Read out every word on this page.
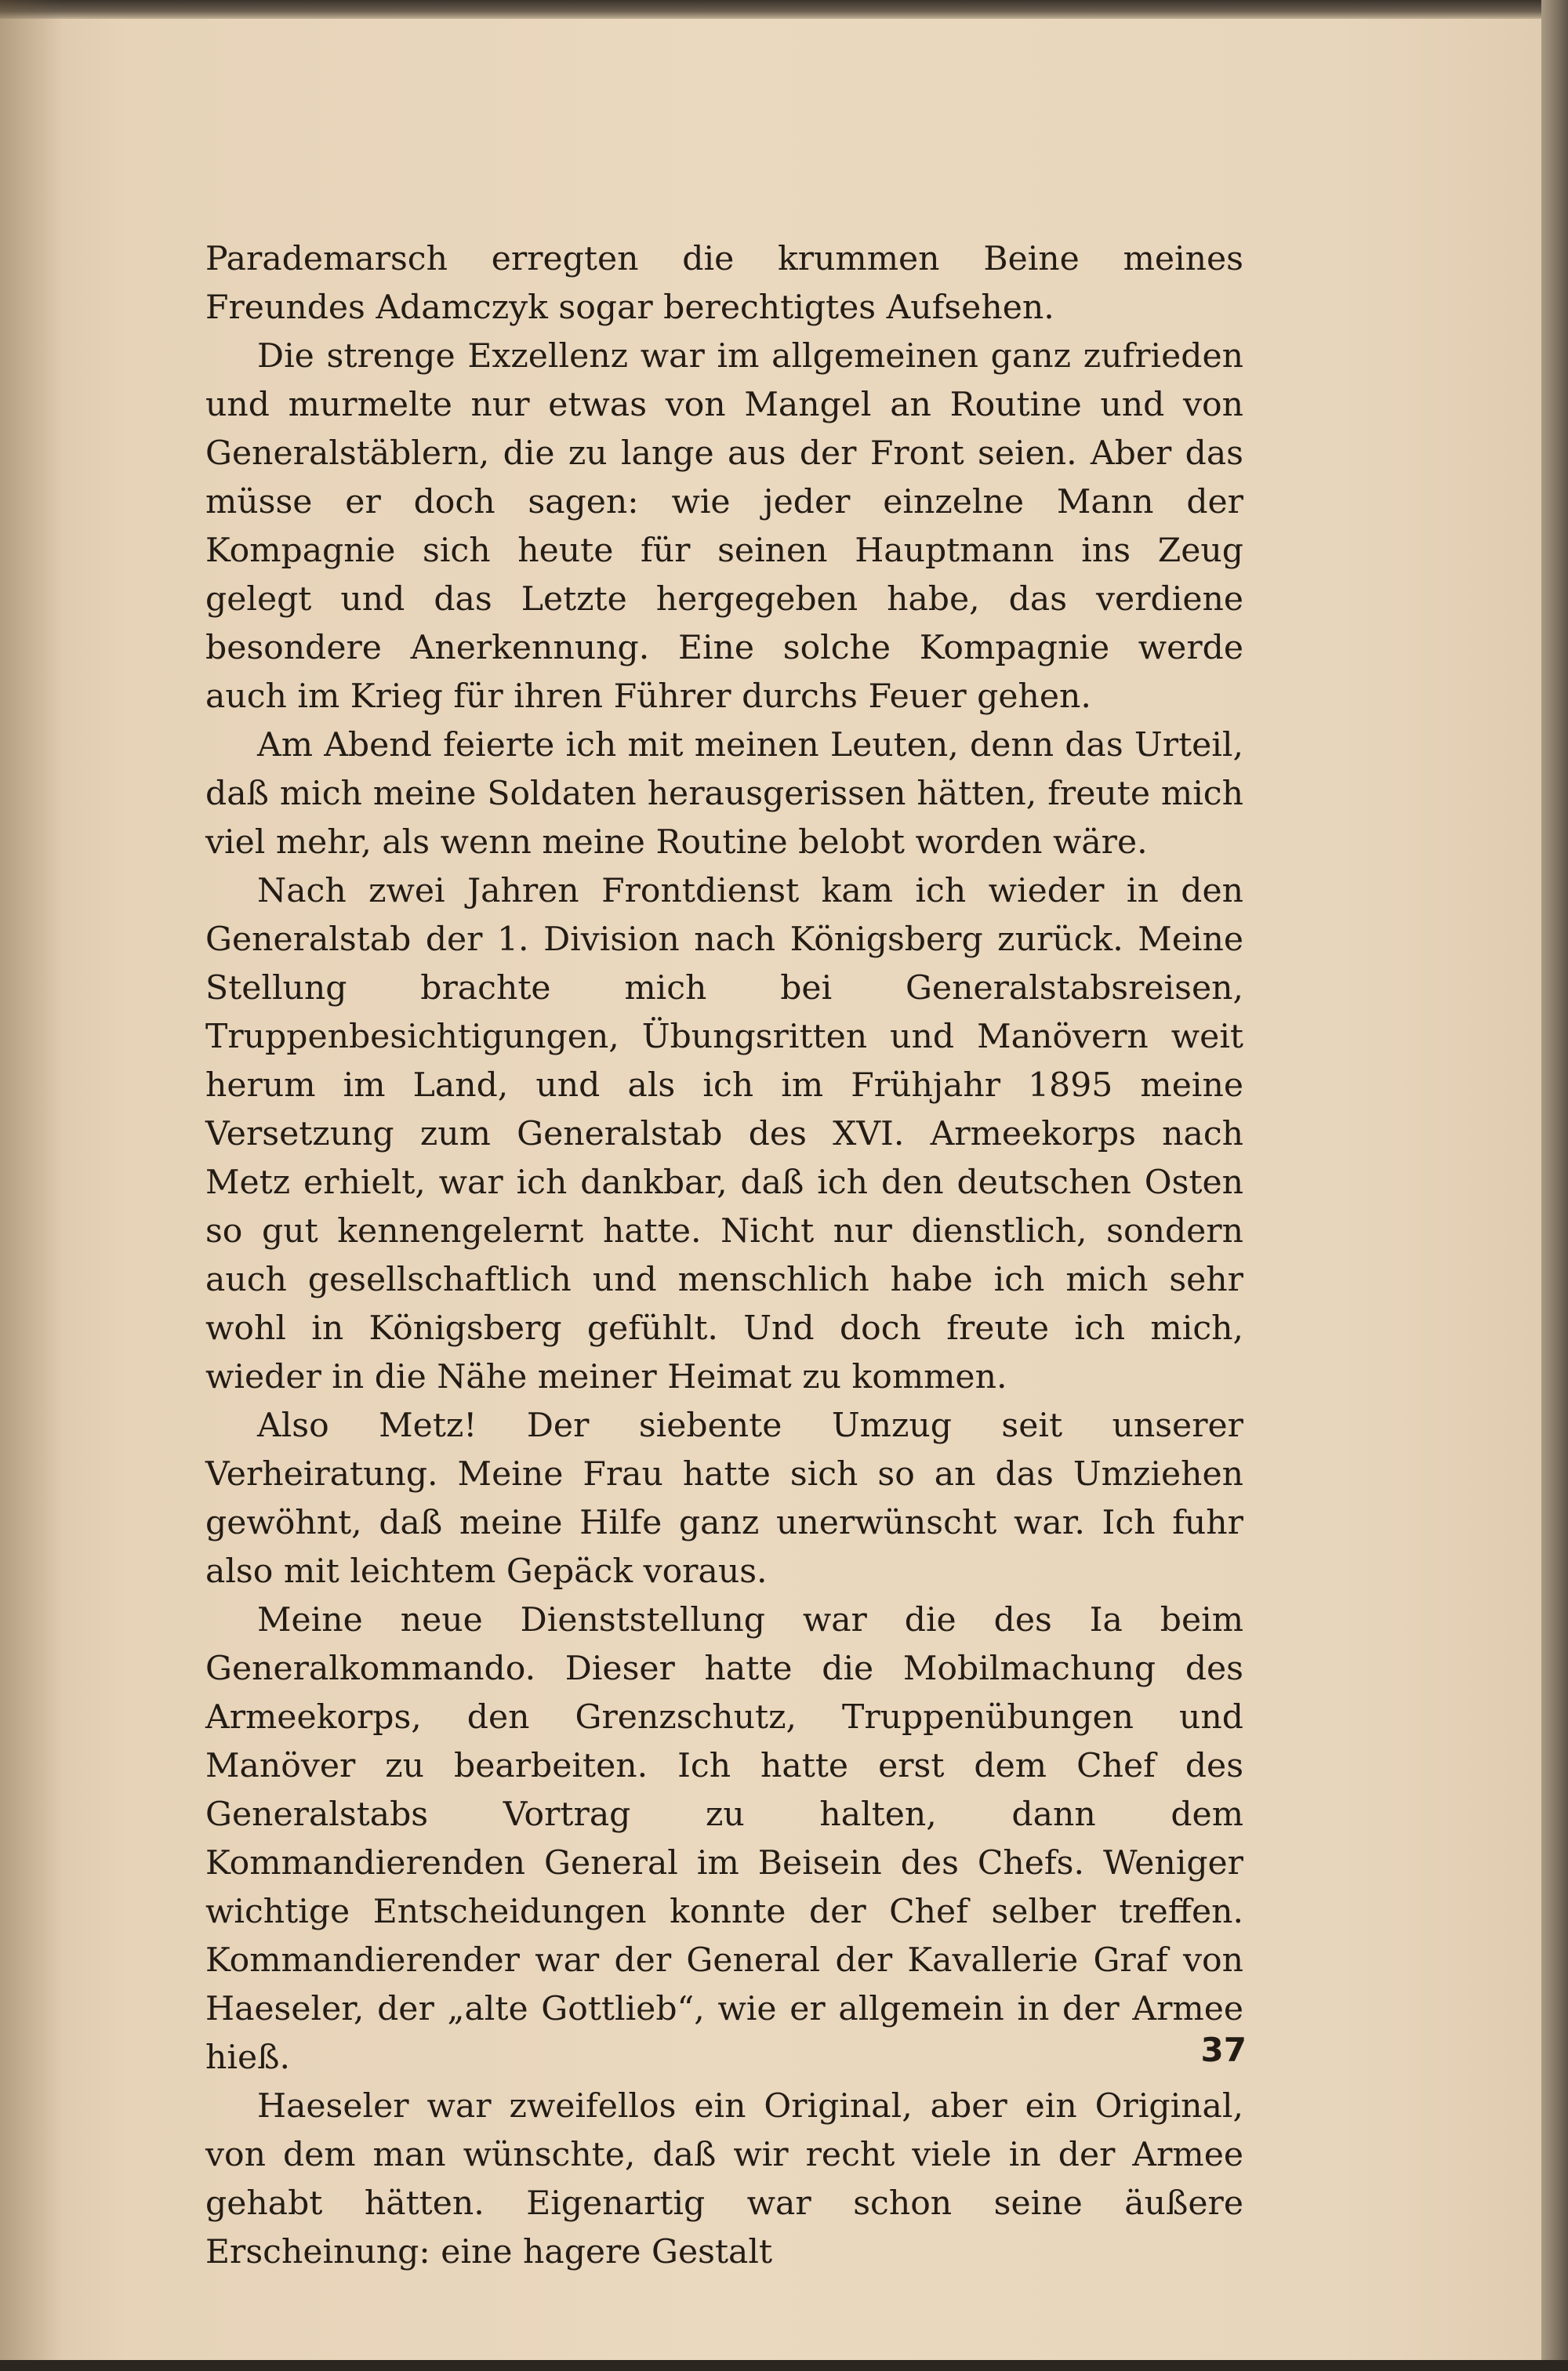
Parademarsch erregten die krummen Beine meines Freundes Adamczyk sogar berechtigtes Aufsehen.

Die strenge Exzellenz war im allgemeinen ganz zufrieden und murmelte nur etwas von Mangel an Routine und von Generalstäblern, die zu lange aus der Front seien. Aber das müsse er doch sagen: wie jeder einzelne Mann der Kompagnie sich heute für seinen Hauptmann ins Zeug gelegt und das Letzte hergegeben habe, das verdiene besondere Anerkennung. Eine solche Kompagnie werde auch im Krieg für ihren Führer durchs Feuer gehen.

Am Abend feierte ich mit meinen Leuten, denn das Urteil, daß mich meine Soldaten herausgerissen hätten, freute mich viel mehr, als wenn meine Routine belobt worden wäre.

Nach zwei Jahren Frontdienst kam ich wieder in den Generalstab der 1. Division nach Königsberg zurück. Meine Stellung brachte mich bei Generalstabsreisen, Truppenbesichtigungen, Übungsritten und Manövern weit herum im Land, und als ich im Frühjahr 1895 meine Versetzung zum Generalstab des XVI. Armeekorps nach Metz erhielt, war ich dankbar, daß ich den deutschen Osten so gut kennengelernt hatte. Nicht nur dienstlich, sondern auch gesellschaftlich und menschlich habe ich mich sehr wohl in Königsberg gefühlt. Und doch freute ich mich, wieder in die Nähe meiner Heimat zu kommen.

Also Metz! Der siebente Umzug seit unserer Verheiratung. Meine Frau hatte sich so an das Umziehen gewöhnt, daß meine Hilfe ganz unerwünscht war. Ich fuhr also mit leichtem Gepäck voraus.

Meine neue Dienststellung war die des Ia beim Generalkommando. Dieser hatte die Mobilmachung des Armeekorps, den Grenzschutz, Truppenübungen und Manöver zu bearbeiten. Ich hatte erst dem Chef des Generalstabs Vortrag zu halten, dann dem Kommandierenden General im Beisein des Chefs. Weniger wichtige Entscheidungen konnte der Chef selber treffen. Kommandierender war der General der Kavallerie Graf von Haeseler, der „alte Gottlieb“, wie er allgemein in der Armee hieß.

Haeseler war zweifellos ein Original, aber ein Original, von dem man wünschte, daß wir recht viele in der Armee gehabt hätten. Eigenartig war schon seine äußere Erscheinung: eine hagere Gestalt

37
